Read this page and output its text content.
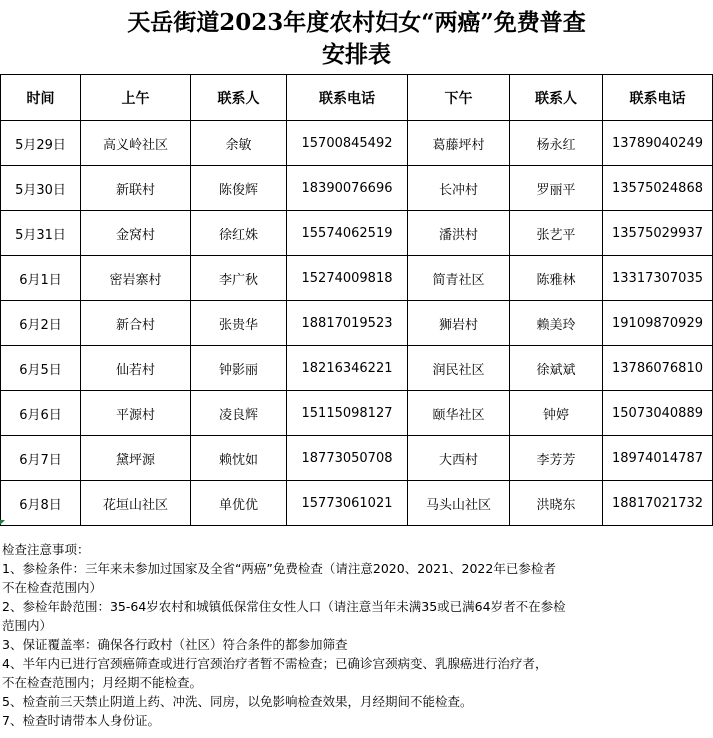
天岳街道2023年度农村妇女“两癌”免费普查
安排表
时间	上午	联系人	联系电话	下午	联系人	联系电话
5月29日	高义岭社区	余敏	15700845492	葛藤坪村	杨永红	13789040249
5月30日	新联村	陈俊辉	18390076696	长冲村	罗丽平	13575024868
5月31日	金窝村	徐红姝	15574062519	潘洪村	张艺平	13575029937
6月1日	密岩寨村	李广秋	15274009818	简青社区	陈雅林	13317307035
6月2日	新合村	张贵华	18817019523	狮岩村	赖美玲	19109870929
6月5日	仙若村	钟影丽	18216346221	润民社区	徐斌斌	13786076810
6月6日	平源村	凌良辉	15115098127	颐华社区	钟婷	15073040889
6月7日	黛坪源	赖忱如	18773050708	大西村	李芳芳	18974014787
6月8日	花垣山社区	单优优	15773061021	马头山社区	洪晓东	18817021732
检查注意事项：
1、参检条件：三年来未参加过国家及全省“两癌”免费检查（请注意2020、2021、2022年已参检者
不在检查范围内）
2、参检年龄范围：35-64岁农村和城镇低保常住女性人口（请注意当年未满35或已满64岁者不在参检
范围内）
3、保证覆盖率：确保各行政村（社区）符合条件的都参加筛查
4、半年内已进行宫颈癌筛查或进行宫颈治疗者暂不需检查；已确诊宫颈病变、乳腺癌进行治疗者，
不在检查范围内；月经期不能检查。
5、检查前三天禁止阴道上药、冲洗、同房，以免影响检查效果，月经期间不能检查。
7、检查时请带本人身份证。
